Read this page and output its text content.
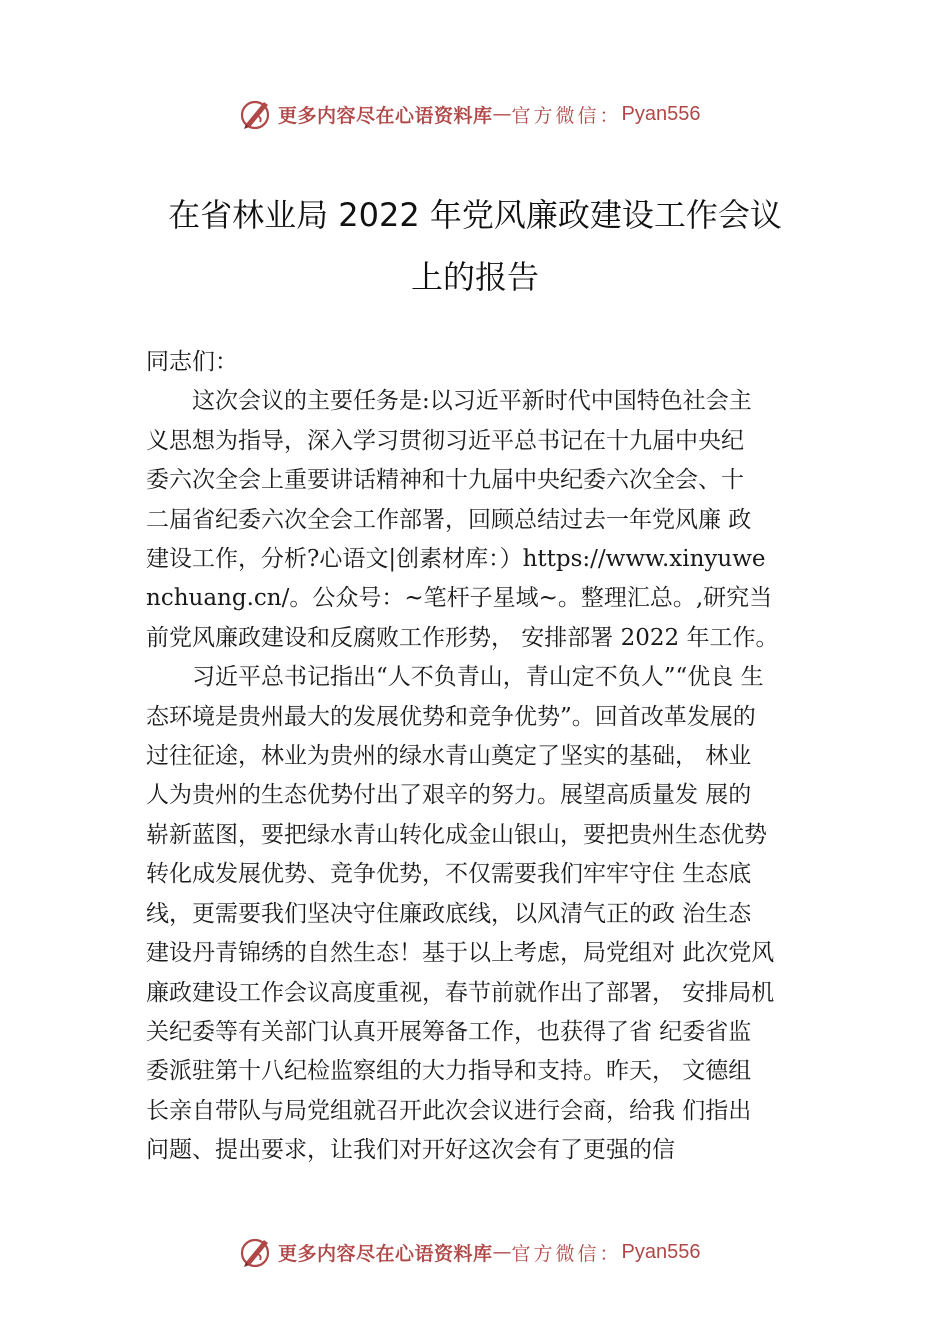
更多内容尽在心语资料库 — 官方微信： Pyan556
在省林业局 2022 年党风廉政建设工作会议
上的报告
同志们：
　　这次会议的主要任务是:以习近平新时代中国特色社会主
义思想为指导，深入学习贯彻习近平总书记在十九届中央纪
委六次全会上重要讲话精神和十九届中央纪委六次全会、十
二届省纪委六次全会工作部署，回顾总结过去一年党风廉 政
建设工作，分析?心语文|创素材库：）https://www.xinyuwe
nchuang.cn/。公众号：~笔杆子星域~。整理汇总。,研究当
前党风廉政建设和反腐败工作形势， 安排部署 2022 年工作。
　　习近平总书记指出“人不负青山，青山定不负人”“优良 生
态环境是贵州最大的发展优势和竞争优势”。回首改革发展的
过往征途，林业为贵州的绿水青山奠定了坚实的基础， 林业
人为贵州的生态优势付出了艰辛的努力。展望高质量发 展的
崭新蓝图，要把绿水青山转化成金山银山，要把贵州生态优势
转化成发展优势、竞争优势，不仅需要我们牢牢守住 生态底
线，更需要我们坚决守住廉政底线，以风清气正的政 治生态
建设丹青锦绣的自然生态！基于以上考虑，局党组对 此次党风
廉政建设工作会议高度重视，春节前就作出了部署， 安排局机
关纪委等有关部门认真开展筹备工作，也获得了省 纪委省监
委派驻第十八纪检监察组的大力指导和支持。昨天， 文德组
长亲自带队与局党组就召开此次会议进行会商，给我 们指出
问题、提出要求，让我们对开好这次会有了更强的信
更多内容尽在心语资料库 — 官方微信： Pyan556
